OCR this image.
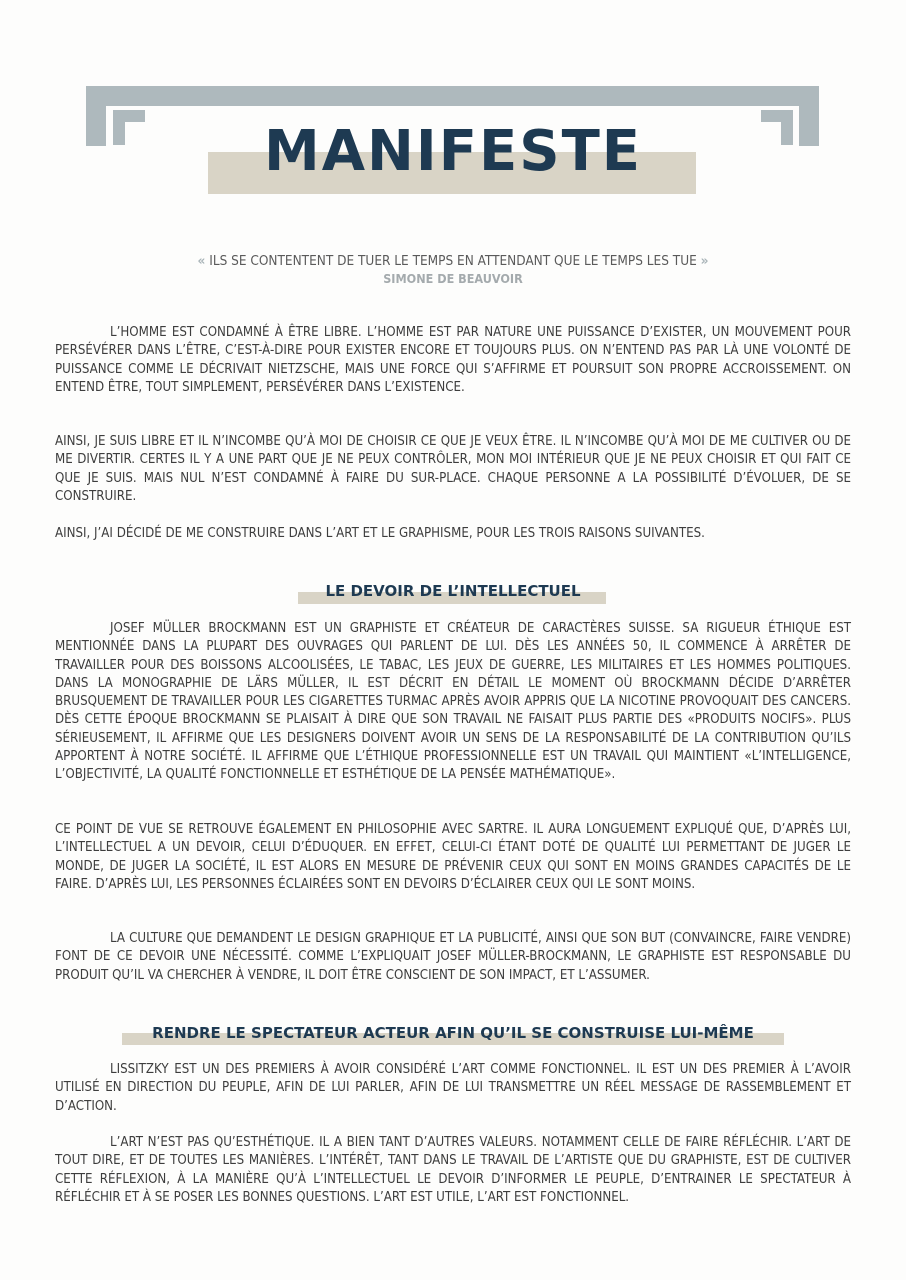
MANIFESTE
« ILS SE CONTENTENT DE TUER LE TEMPS EN ATTENDANT QUE LE TEMPS LES TUE »
SIMONE DE BEAUVOIR

L’HOMME EST CONDAMNÉ À ÊTRE LIBRE. L’HOMME EST PAR NATURE UNE PUISSANCE D’EXISTER, UN MOUVEMENT POUR PERSÉVÉRER DANS L’ÊTRE, C’EST-À-DIRE POUR EXISTER ENCORE ET TOUJOURS PLUS. ON N’ENTEND PAS PAR LÀ UNE VOLONTÉ DE PUISSANCE COMME LE DÉCRIVAIT NIETZSCHE, MAIS UNE FORCE QUI S’AFFIRME ET POURSUIT SON PROPRE ACCROISSEMENT. ON ENTEND ÊTRE, TOUT SIMPLEMENT, PERSÉVÉRER DANS L’EXISTENCE.

AINSI, JE SUIS LIBRE ET IL N’INCOMBE QU’À MOI DE CHOISIR CE QUE JE VEUX ÊTRE. IL N’INCOMBE QU’À MOI DE ME CULTIVER OU DE ME DIVERTIR. CERTES IL Y A UNE PART QUE JE NE PEUX CONTRÔLER, MON MOI INTÉRIEUR QUE JE NE PEUX CHOISIR ET QUI FAIT CE QUE JE SUIS. MAIS NUL N’EST CONDAMNÉ À FAIRE DU SUR-PLACE. CHAQUE PERSONNE A LA POSSIBILITÉ D’ÉVOLUER, DE SE CONSTRUIRE.

AINSI, J’AI DÉCIDÉ DE ME CONSTRUIRE DANS L’ART ET LE GRAPHISME, POUR LES TROIS RAISONS SUIVANTES.

LE DEVOIR DE L’INTELLECTUEL

JOSEF MÜLLER BROCKMANN EST UN GRAPHISTE ET CRÉATEUR DE CARACTÈRES SUISSE. SA RIGUEUR ÉTHIQUE EST MENTIONNÉE DANS LA PLUPART DES OUVRAGES QUI PARLENT DE LUI. DÈS LES ANNÉES 50, IL COMMENCE À ARRÊTER DE TRAVAILLER POUR DES BOISSONS ALCOOLISÉES, LE TABAC, LES JEUX DE GUERRE, LES MILITAIRES ET LES HOMMES POLITIQUES. DANS LA MONOGRAPHIE DE LÄRS MÜLLER, IL EST DÉCRIT EN DÉTAIL LE MOMENT OÙ BROCKMANN DÉCIDE D’ARRÊTER BRUSQUEMENT DE TRAVAILLER POUR LES CIGARETTES TURMAC APRÈS AVOIR APPRIS QUE LA NICOTINE PROVOQUAIT DES CANCERS. DÈS CETTE ÉPOQUE BROCKMANN SE PLAISAIT À DIRE QUE SON TRAVAIL NE FAISAIT PLUS PARTIE DES «PRODUITS NOCIFS». PLUS SÉRIEUSEMENT, IL AFFIRME QUE LES DESIGNERS DOIVENT AVOIR UN SENS DE LA RESPONSABILITÉ DE LA CONTRIBUTION QU’ILS APPORTENT À NOTRE SOCIÉTÉ. IL AFFIRME QUE L’ÉTHIQUE PROFESSIONNELLE EST UN TRAVAIL QUI MAINTIENT «L’INTELLIGENCE, L’OBJECTIVITÉ, LA QUALITÉ FONCTIONNELLE ET ESTHÉTIQUE DE LA PENSÉE MATHÉMATIQUE».

CE POINT DE VUE SE RETROUVE ÉGALEMENT EN PHILOSOPHIE AVEC SARTRE. IL AURA LONGUEMENT EXPLIQUÉ QUE, D’APRÈS LUI, L’INTELLECTUEL A UN DEVOIR, CELUI D’ÉDUQUER. EN EFFET, CELUI-CI ÉTANT DOTÉ DE QUALITÉ LUI PERMETTANT DE JUGER LE MONDE, DE JUGER LA SOCIÉTÉ, IL EST ALORS EN MESURE DE PRÉVENIR CEUX QUI SONT EN MOINS GRANDES CAPACITÉS DE LE FAIRE. D’APRÈS LUI, LES PERSONNES ÉCLAIRÉES SONT EN DEVOIRS D’ÉCLAIRER CEUX QUI LE SONT MOINS.

LA CULTURE QUE DEMANDENT LE DESIGN GRAPHIQUE ET LA PUBLICITÉ, AINSI QUE SON BUT (CONVAINCRE, FAIRE VENDRE) FONT DE CE DEVOIR UNE NÉCESSITÉ. COMME L’EXPLIQUAIT JOSEF MÜLLER-BROCKMANN, LE GRAPHISTE EST RESPONSABLE DU PRODUIT QU’IL VA CHERCHER À VENDRE, IL DOIT ÊTRE CONSCIENT DE SON IMPACT, ET L’ASSUMER.

RENDRE LE SPECTATEUR ACTEUR AFIN QU’IL SE CONSTRUISE LUI-MÊME

LISSITZKY EST UN DES PREMIERS À AVOIR CONSIDÉRÉ L’ART COMME FONCTIONNEL. IL EST UN DES PREMIER À L’AVOIR UTILISÉ EN DIRECTION DU PEUPLE, AFIN DE LUI PARLER, AFIN DE LUI TRANSMETTRE UN RÉEL MESSAGE DE RASSEMBLEMENT ET D’ACTION.

L’ART N’EST PAS QU’ESTHÉTIQUE. IL A BIEN TANT D’AUTRES VALEURS. NOTAMMENT CELLE DE FAIRE RÉFLÉCHIR. L’ART DE TOUT DIRE, ET DE TOUTES LES MANIÈRES. L’INTÉRÊT, TANT DANS LE TRAVAIL DE L’ARTISTE QUE DU GRAPHISTE, EST DE CULTIVER CETTE RÉFLEXION, À LA MANIÈRE QU’À L’INTELLECTUEL LE DEVOIR D’INFORMER LE PEUPLE, D’ENTRAINER LE SPECTATEUR À RÉFLÉCHIR ET À SE POSER LES BONNES QUESTIONS. L’ART EST UTILE, L’ART EST FONCTIONNEL.
